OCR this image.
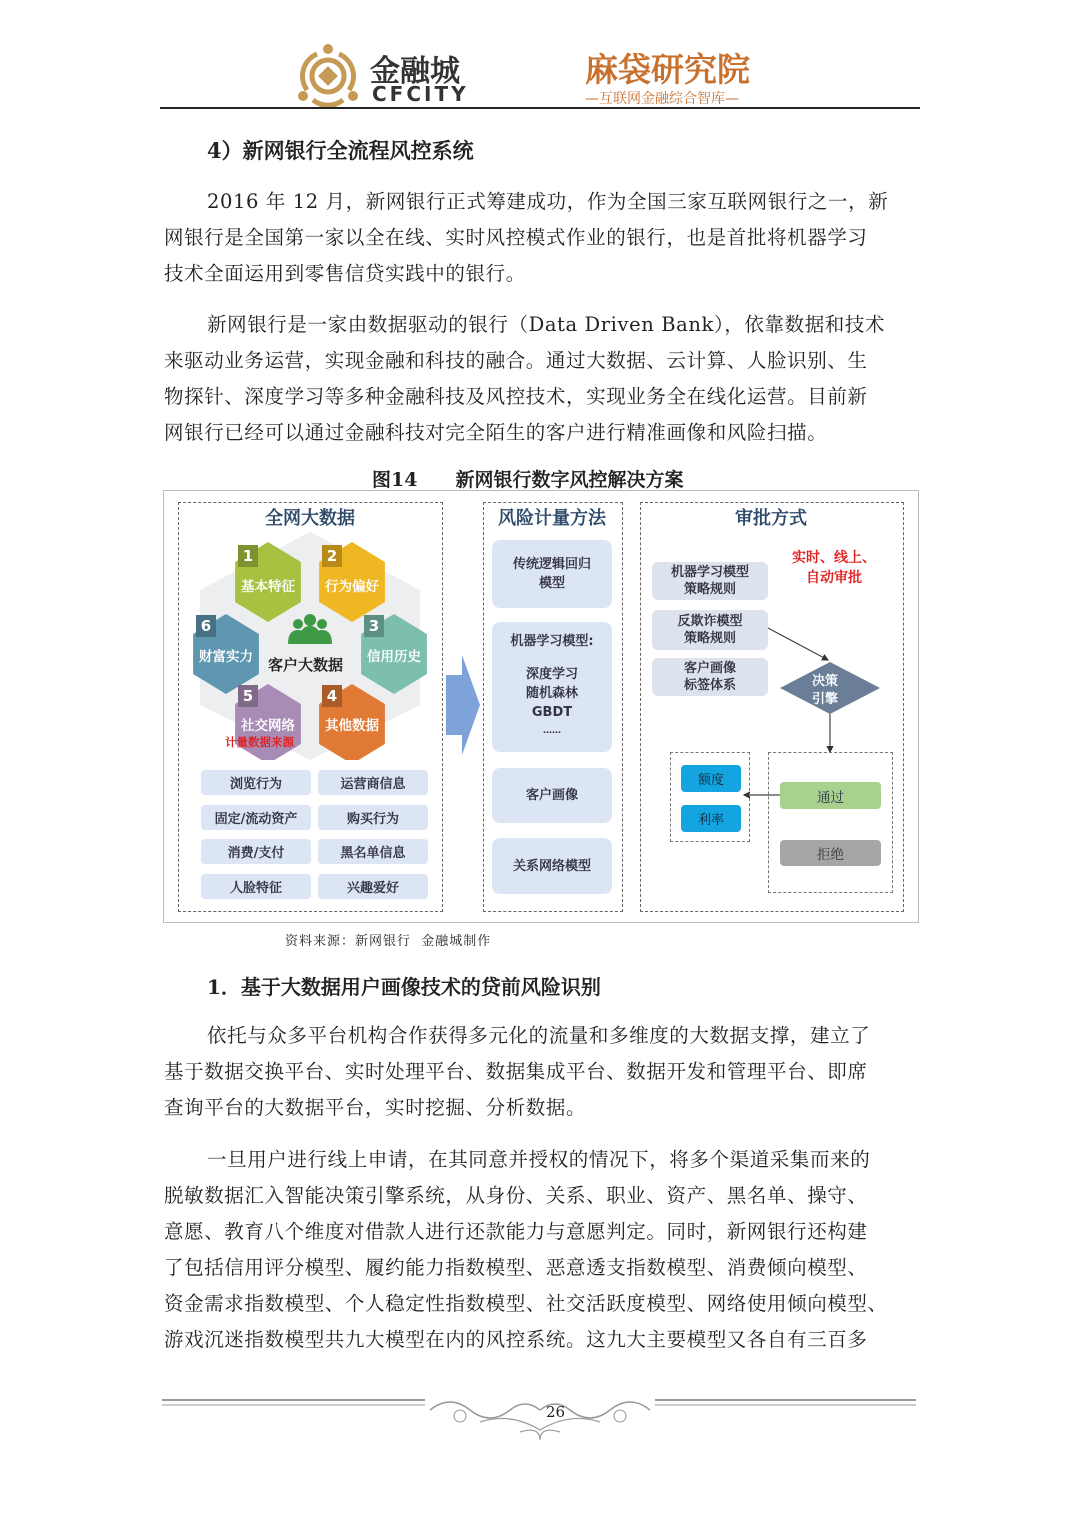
金融城
CFCITY
麻袋研究院
—互联网金融综合智库—
4）新网银行全流程风控系统
2016 年 12 月，新网银行正式筹建成功，作为全国三家互联网银行之一，新
网银行是全国第一家以全在线、实时风控模式作业的银行，也是首批将机器学习
技术全面运用到零售信贷实践中的银行。
新网银行是一家由数据驱动的银行（Data Driven Bank），依靠数据和技术
来驱动业务运营，实现金融和科技的融合。通过大数据、云计算、人脸识别、生
物探针、深度学习等多种金融科技及风控技术，实现业务全在线化运营。目前新
网银行已经可以通过金融科技对完全陌生的客户进行精准画像和风险扫描。
图14　　新网银行数字风控解决方案
全网大数据
基本特征 行为偏好
信用历史
其他数据
社交网络
财富实力
1	2
3
4
5
6
客户大数据
计量数据来源
浏览行为	运营商信息
固定/流动资产	购买行为
消费/支付	黑名单信息
人脸特征	兴趣爱好
风险计量方法
传统逻辑回归
模型
机器学习模型:
深度学习
随机森林
GBDT
……
客户画像
关系网络模型
审批方式
实时、线上、
自动审批
机器学习模型
策略规则
反欺诈模型
策略规则
客户画像
标签体系	决策
引擎
额度
利率
通过
拒绝
资料来源：新网银行  金融城制作
1．基于大数据用户画像技术的贷前风险识别
依托与众多平台机构合作获得多元化的流量和多维度的大数据支撑，建立了
基于数据交换平台、实时处理平台、数据集成平台、数据开发和管理平台、即席
查询平台的大数据平台，实时挖掘、分析数据。
一旦用户进行线上申请，在其同意并授权的情况下，将多个渠道采集而来的
脱敏数据汇入智能决策引擎系统，从身份、关系、职业、资产、黑名单、操守、
意愿、教育八个维度对借款人进行还款能力与意愿判定。同时，新网银行还构建
了包括信用评分模型、履约能力指数模型、恶意透支指数模型、消费倾向模型、
资金需求指数模型、个人稳定性指数模型、社交活跃度模型、网络使用倾向模型、
游戏沉迷指数模型共九大模型在内的风控系统。这九大主要模型又各自有三百多
26
